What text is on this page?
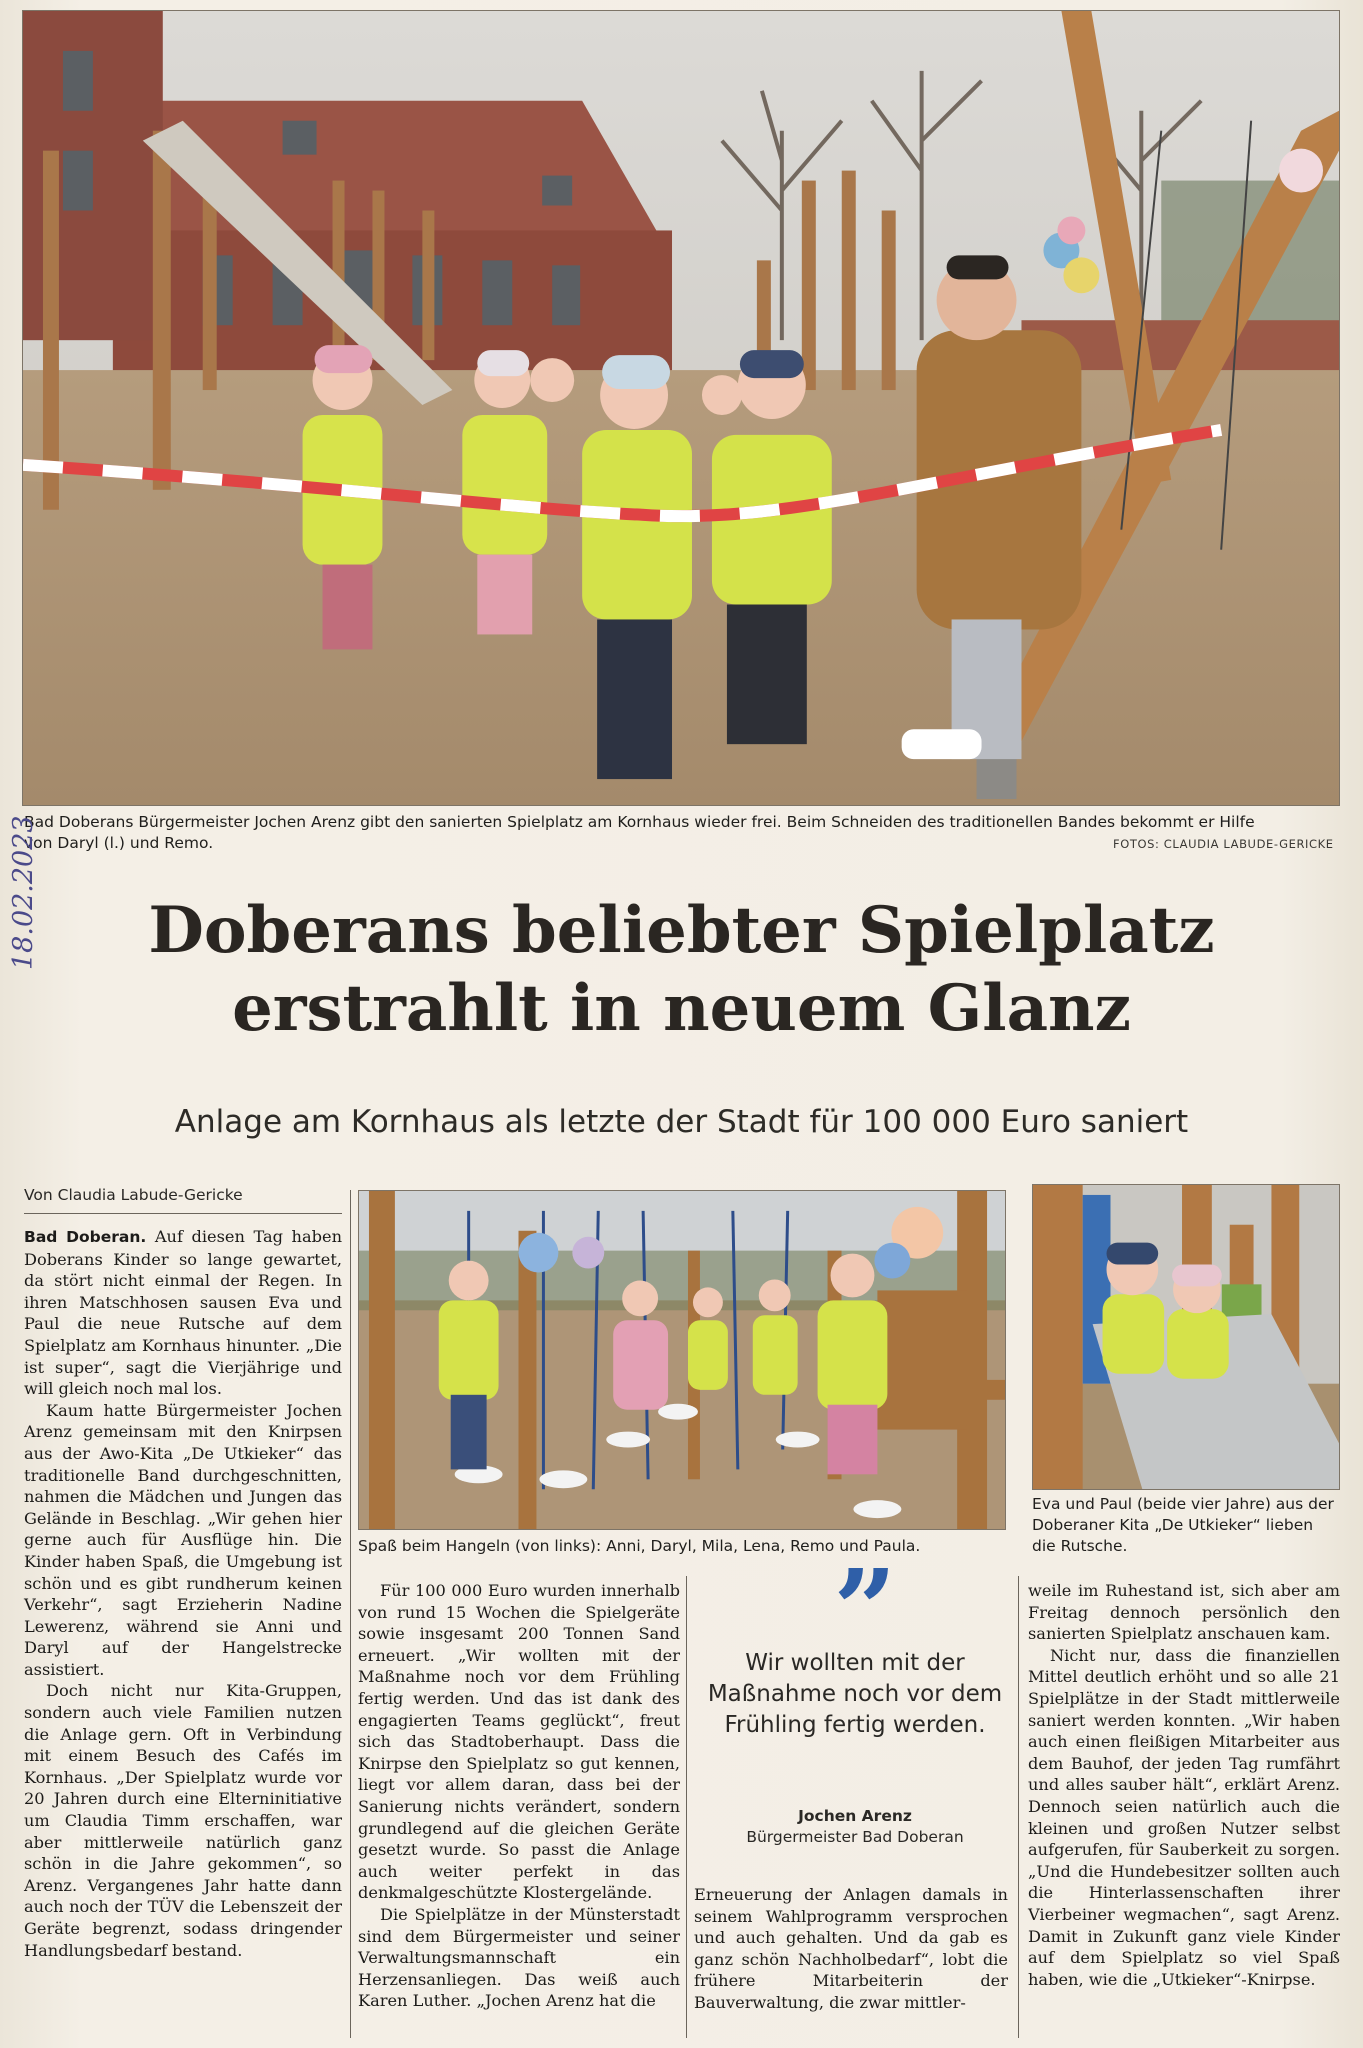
Bad Doberans Bürgermeister Jochen Arenz gibt den sanierten Spielplatz am Kornhaus wieder frei. Beim Schneiden des traditionellen Bandes bekommt er Hilfe
von Daryl (l.) und Remo.	FOTOS: CLAUDIA LABUDE-GERICKE
Doberans beliebter Spielplatz
erstrahlt in neuem Glanz
Anlage am Kornhaus als letzte der Stadt für 100 000 Euro saniert
18.02.2023
Von Claudia Labude-Gericke

Bad Doberan. Auf diesen Tag haben Doberans Kinder so lange gewartet, da stört nicht einmal der Regen. In ihren Matschhosen sausen Eva und Paul die neue Rutsche auf dem Spielplatz am Kornhaus hinunter. „Die ist super“, sagt die Vierjährige und will gleich noch mal los.

Kaum hatte Bürgermeister Jochen Arenz gemeinsam mit den Knirpsen aus der Awo-Kita „De Utkieker“ das traditionelle Band durchgeschnitten, nahmen die Mädchen und Jungen das Gelände in Beschlag. „Wir gehen hier gerne auch für Ausflüge hin. Die Kinder haben Spaß, die Umgebung ist schön und es gibt rundherum keinen Verkehr“, sagt Erzieherin Nadine Lewerenz, während sie Anni und Daryl auf der Hangelstrecke assistiert.

Doch nicht nur Kita-Gruppen, sondern auch viele Familien nutzen die Anlage gern. Oft in Verbindung mit einem Besuch des Cafés im Kornhaus. „Der Spielplatz wurde vor 20 Jahren durch eine Elterninitiative um Claudia Timm erschaffen, war aber mittlerweile natürlich ganz schön in die Jahre gekommen“, so Arenz. Vergangenes Jahr hatte dann auch noch der TÜV die Lebenszeit der Geräte begrenzt, sodass dringender Handlungsbedarf bestand.

Spaß beim Hangeln (von links): Anni, Daryl, Mila, Lena, Remo und Paula.
Eva und Paul (beide vier Jahre) aus der Doberaner Kita „De Utkieker“ lieben die Rutsche.

Für 100 000 Euro wurden innerhalb von rund 15 Wochen die Spielgeräte sowie insgesamt 200 Tonnen Sand erneuert. „Wir wollten mit der Maßnahme noch vor dem Frühling fertig werden. Und das ist dank des engagierten Teams geglückt“, freut sich das Stadtoberhaupt. Dass die Knirpse den Spielplatz so gut kennen, liegt vor allem daran, dass bei der Sanierung nichts verändert, sondern grundlegend auf die gleichen Geräte gesetzt wurde. So passt die Anlage auch weiter perfekt in das denkmalgeschützte Klostergelände.

Die Spielplätze in der Münsterstadt sind dem Bürgermeister und seiner Verwaltungsmannschaft ein Herzensanliegen. Das weiß auch Karen Luther. „Jochen Arenz hat die

”
Wir wollten mit der Maßnahme noch vor dem Frühling fertig werden.
Jochen Arenz
Bürgermeister Bad Doberan

Erneuerung der Anlagen damals in seinem Wahlprogramm versprochen und auch gehalten. Und da gab es ganz schön Nachholbedarf“, lobt die frühere Mitarbeiterin der Bauverwaltung, die zwar mittler-

weile im Ruhestand ist, sich aber am Freitag dennoch persönlich den sanierten Spielplatz anschauen kam.

Nicht nur, dass die finanziellen Mittel deutlich erhöht und so alle 21 Spielplätze in der Stadt mittlerweile saniert werden konnten. „Wir haben auch einen fleißigen Mitarbeiter aus dem Bauhof, der jeden Tag rumfährt und alles sauber hält“, erklärt Arenz. Dennoch seien natürlich auch die kleinen und großen Nutzer selbst aufgerufen, für Sauberkeit zu sorgen. „Und die Hundebesitzer sollten auch die Hinterlassenschaften ihrer Vierbeiner wegmachen“, sagt Arenz. Damit in Zukunft ganz viele Kinder auf dem Spielplatz so viel Spaß haben, wie die „Utkieker“-Knirpse.
